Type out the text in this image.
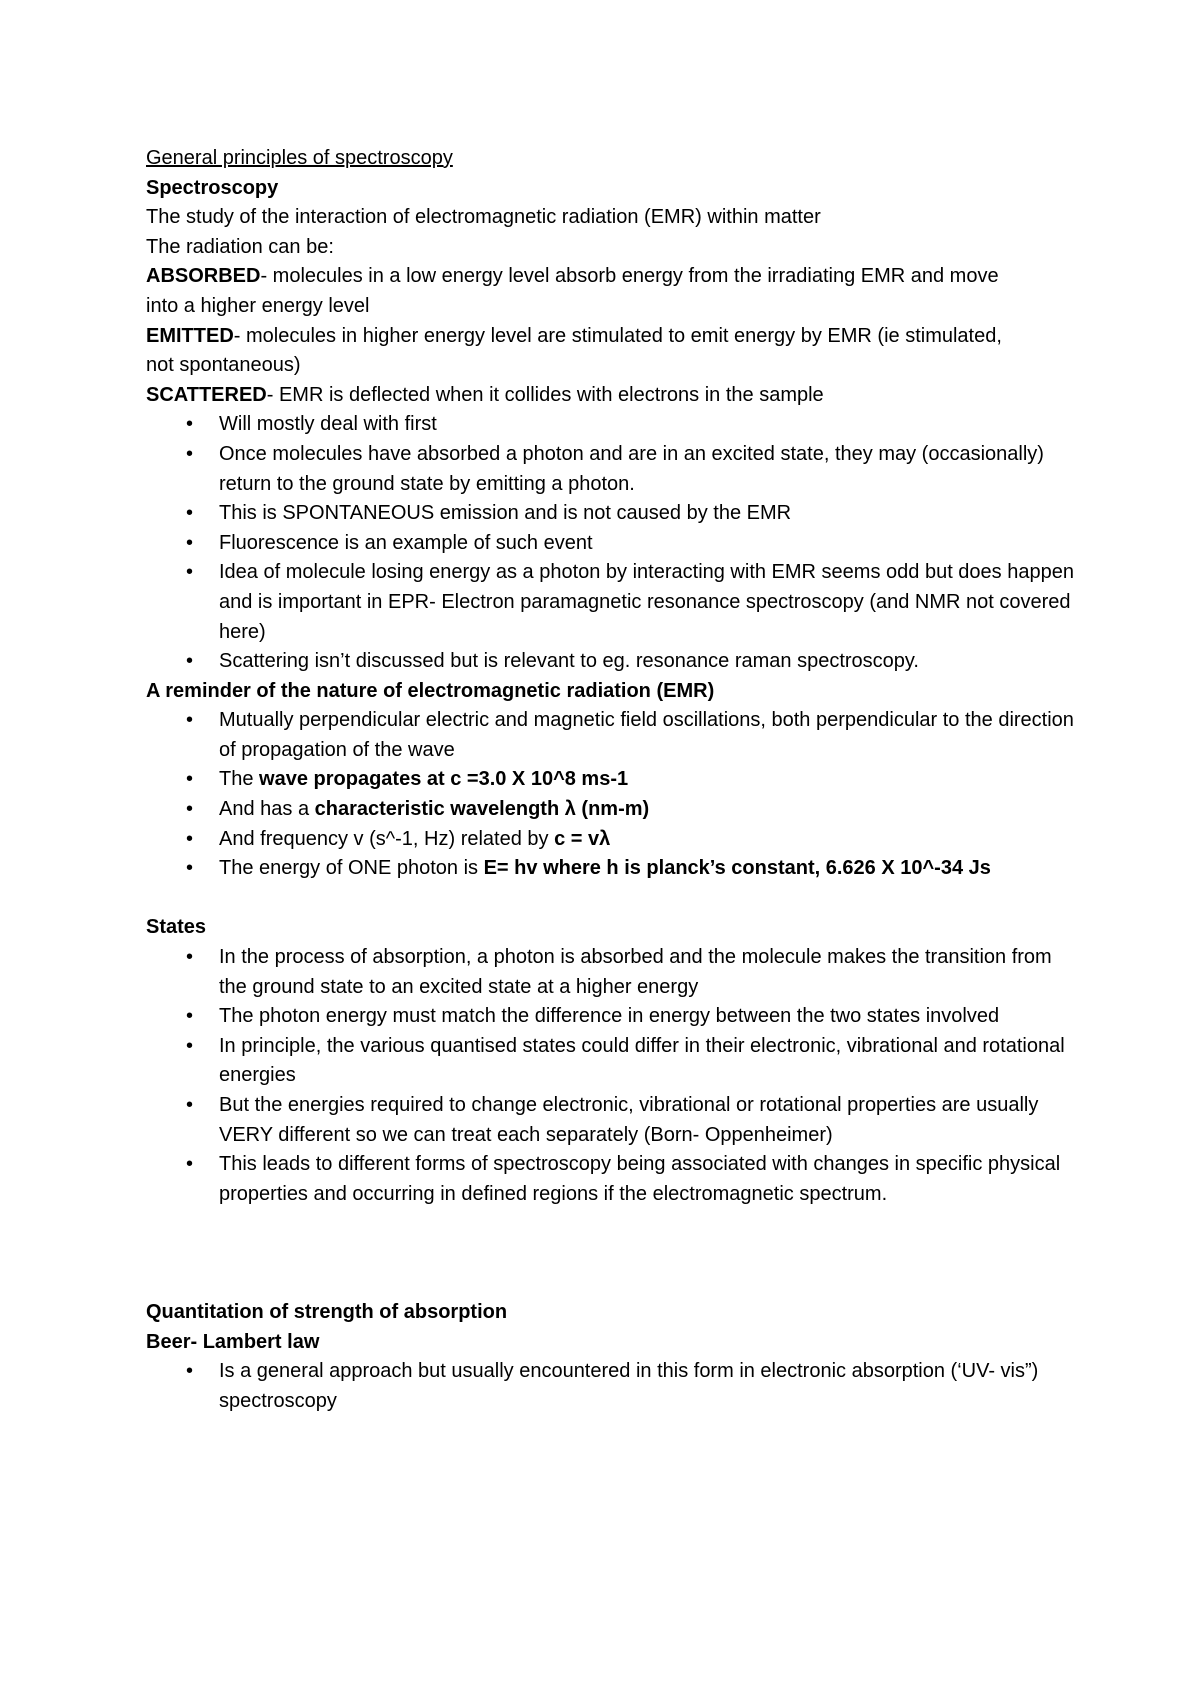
General principles of spectroscopy
Spectroscopy
The study of the interaction of electromagnetic radiation (EMR) within matter
The radiation can be:
ABSORBED- molecules in a low energy level absorb energy from the irradiating EMR and move into a higher energy level
EMITTED- molecules in higher energy level are stimulated to emit energy by EMR (ie stimulated, not spontaneous)
SCATTERED- EMR is deflected when it collides with electrons in the sample
• Will mostly deal with first
• Once molecules have absorbed a photon and are in an excited state, they may (occasionally) return to the ground state by emitting a photon.
• This is SPONTANEOUS emission and is not caused by the EMR
• Fluorescence is an example of such event
• Idea of molecule losing energy as a photon by interacting with EMR seems odd but does happen and is important in EPR- Electron paramagnetic resonance spectroscopy (and NMR not covered here)
• Scattering isn’t discussed but is relevant to eg. resonance raman spectroscopy.
A reminder of the nature of electromagnetic radiation (EMR)
• Mutually perpendicular electric and magnetic field oscillations, both perpendicular to the direction of propagation of the wave
• The wave propagates at c =3.0 X 10^8 ms-1
• And has a characteristic wavelength λ (nm-m)
• And frequency v (s^-1, Hz) related by c = vλ
• The energy of ONE photon is E= hv where h is planck’s constant, 6.626 X 10^-34 Js
States
• In the process of absorption, a photon is absorbed and the molecule makes the transition from the ground state to an excited state at a higher energy
• The photon energy must match the difference in energy between the two states involved
• In principle, the various quantised states could differ in their electronic, vibrational and rotational energies
• But the energies required to change electronic, vibrational or rotational properties are usually VERY different so we can treat each separately (Born- Oppenheimer)
• This leads to different forms of spectroscopy being associated with changes in specific physical properties and occurring in defined regions if the electromagnetic spectrum.
Quantitation of strength of absorption
Beer- Lambert law
• Is a general approach but usually encountered in this form in electronic absorption (‘UV- vis”) spectroscopy
